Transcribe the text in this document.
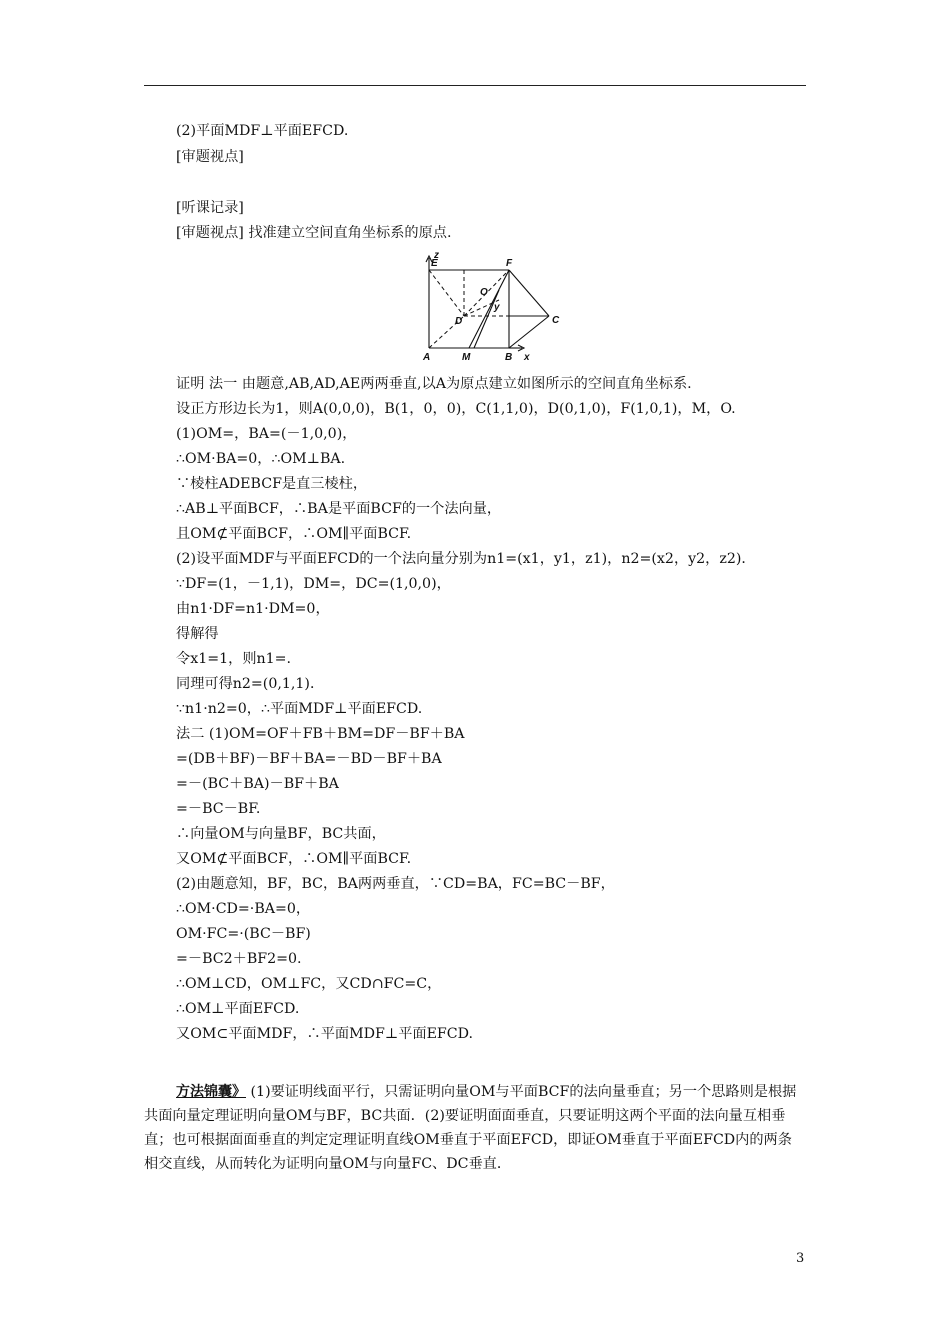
(2)平面MDF⊥平面EFCD.
[审题视点]
[听课记录]
[审题视点] 找准建立空间直角坐标系的原点.
z
E	F
O
y
D	C
A	M	B x
证明 法一 由题意,AB,AD,AE两两垂直,以A为原点建立如图所示的空间直角坐标系.
设正方形边长为1，则A(0,0,0)，B(1，0，0)，C(1,1,0)，D(0,1,0)，F(1,0,1)，M，O.
(1)OM=，BA=(－1,0,0)，
∴OM·BA=0，∴OM⊥BA.
∵棱柱ADEBCF是直三棱柱，
∴AB⊥平面BCF，∴BA是平面BCF的一个法向量，
且OM⊄平面BCF，∴OM∥平面BCF.
(2)设平面MDF与平面EFCD的一个法向量分别为n1=(x1，y1，z1)，n2=(x2，y2，z2)．
∵DF=(1，－1,1)，DM=，DC=(1,0,0)，
由n1·DF=n1·DM=0，
得解得
令x1=1，则n1=.
同理可得n2=(0,1,1)．
∵n1·n2=0，∴平面MDF⊥平面EFCD.
法二 (1)OM=OF＋FB＋BM=DF－BF＋BA
=(DB＋BF)－BF＋BA=－BD－BF＋BA
=－(BC＋BA)－BF＋BA
=－BC－BF.
∴向量OM与向量BF，BC共面，
又OM⊄平面BCF，∴OM∥平面BCF.
(2)由题意知，BF，BC，BA两两垂直，∵CD=BA，FC=BC－BF，
∴OM·CD=·BA=0，
OM·FC=·(BC－BF)
=－BC2＋BF2=0.
∴OM⊥CD，OM⊥FC，又CD∩FC=C，
∴OM⊥平面EFCD.
又OM⊂平面MDF，∴平面MDF⊥平面EFCD.
方法锦囊》 (1)要证明线面平行，只需证明向量OM与平面BCF的法向量垂直；另一个思路则是根据共面向量定理证明向量OM与BF，BC共面．(2)要证明面面垂直，只要证明这两个平面的法向量互相垂直；也可根据面面垂直的判定定理证明直线OM垂直于平面EFCD，即证OM垂直于平面EFCD内的两条相交直线，从而转化为证明向量OM与向量FC、DC垂直．
3
